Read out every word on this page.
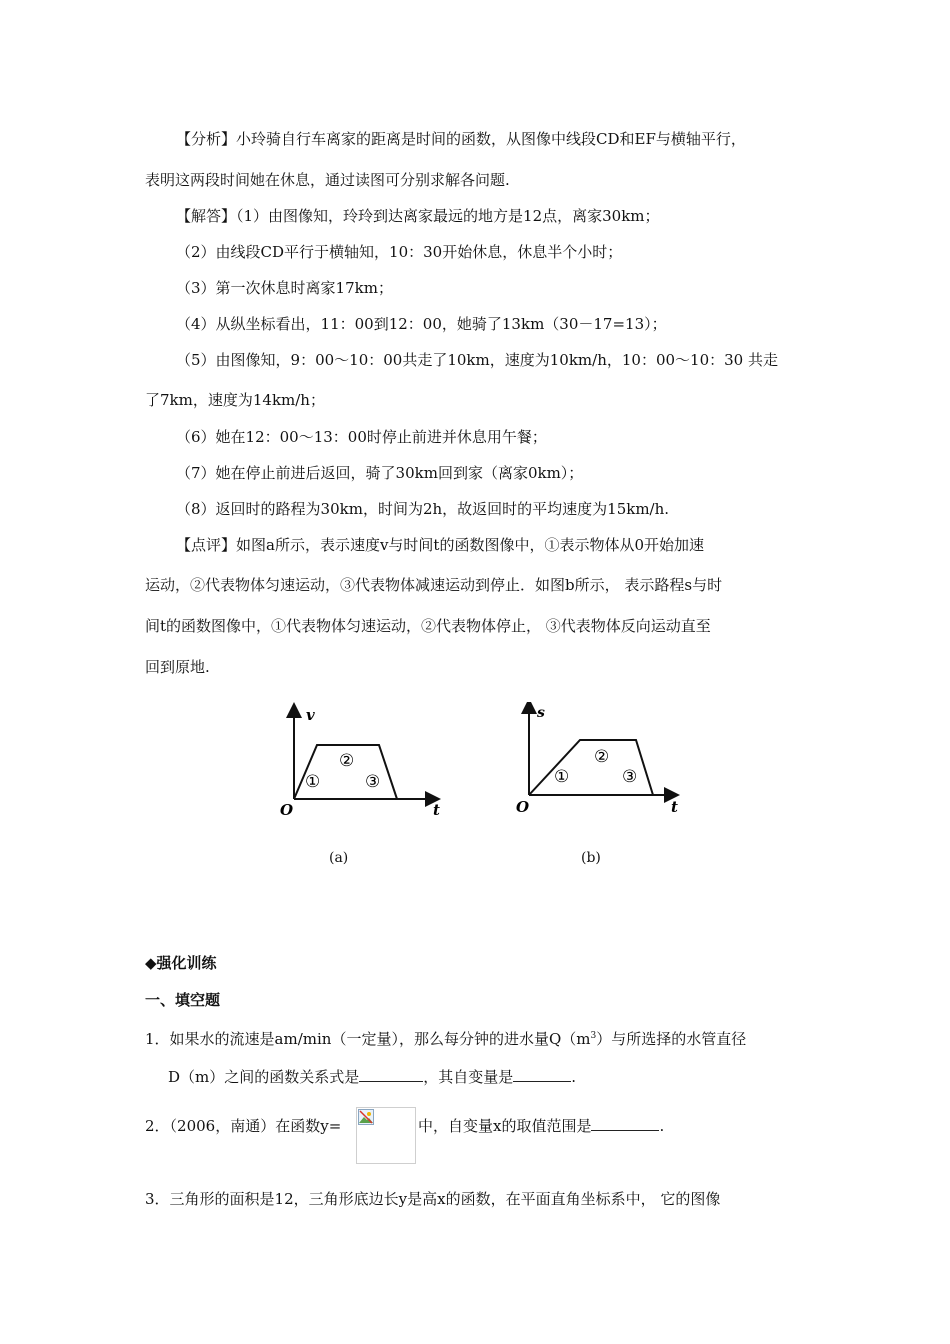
【分析】小玲骑自行车离家的距离是时间的函数，从图像中线段CD和EF与横轴平行，
表明这两段时间她在休息，通过读图可分别求解各问题.
【解答】（1）由图像知，玲玲到达离家最远的地方是12点，离家30km；
（2）由线段CD平行于横轴知，10：30开始休息，休息半个小时；
（3）第一次休息时离家17km；
（4）从纵坐标看出，11：00到12：00，她骑了13km（30－17=13）；
（5）由图像知，9：00～10：00共走了10km，速度为10km/h，10：00～10：30 共走
了7km，速度为14km/h；
（6）她在12：00～13：00时停止前进并休息用午餐；
（7）她在停止前进后返回，骑了30km回到家（离家0km）；
（8）返回时的路程为30km，时间为2h，故返回时的平均速度为15km/h.
【点评】如图a所示，表示速度v与时间t的函数图像中，①表示物体从0开始加速
运动，②代表物体匀速运动，③代表物体减速运动到停止．如图b所示， 表示路程s与时
间t的函数图像中，①代表物体匀速运动，②代表物体停止， ③代表物体反向运动直至
回到原地.
v
t
O
①
②
③
(a)
s
t
O
①
②
③
(b)
◆强化训练
一、填空题
1．如果水的流速是am/min（一定量），那么每分钟的进水量$Q(m^3)$与所选择的水管直径
D（m）之间的函数关系式是	，其自变量是	.
2．（2006，南通）在函数y=	中，自变量x的取值范围是	.
3．三角形的面积是12，三角形底边长y是高x的函数，在平面直角坐标系中， 它的图像
